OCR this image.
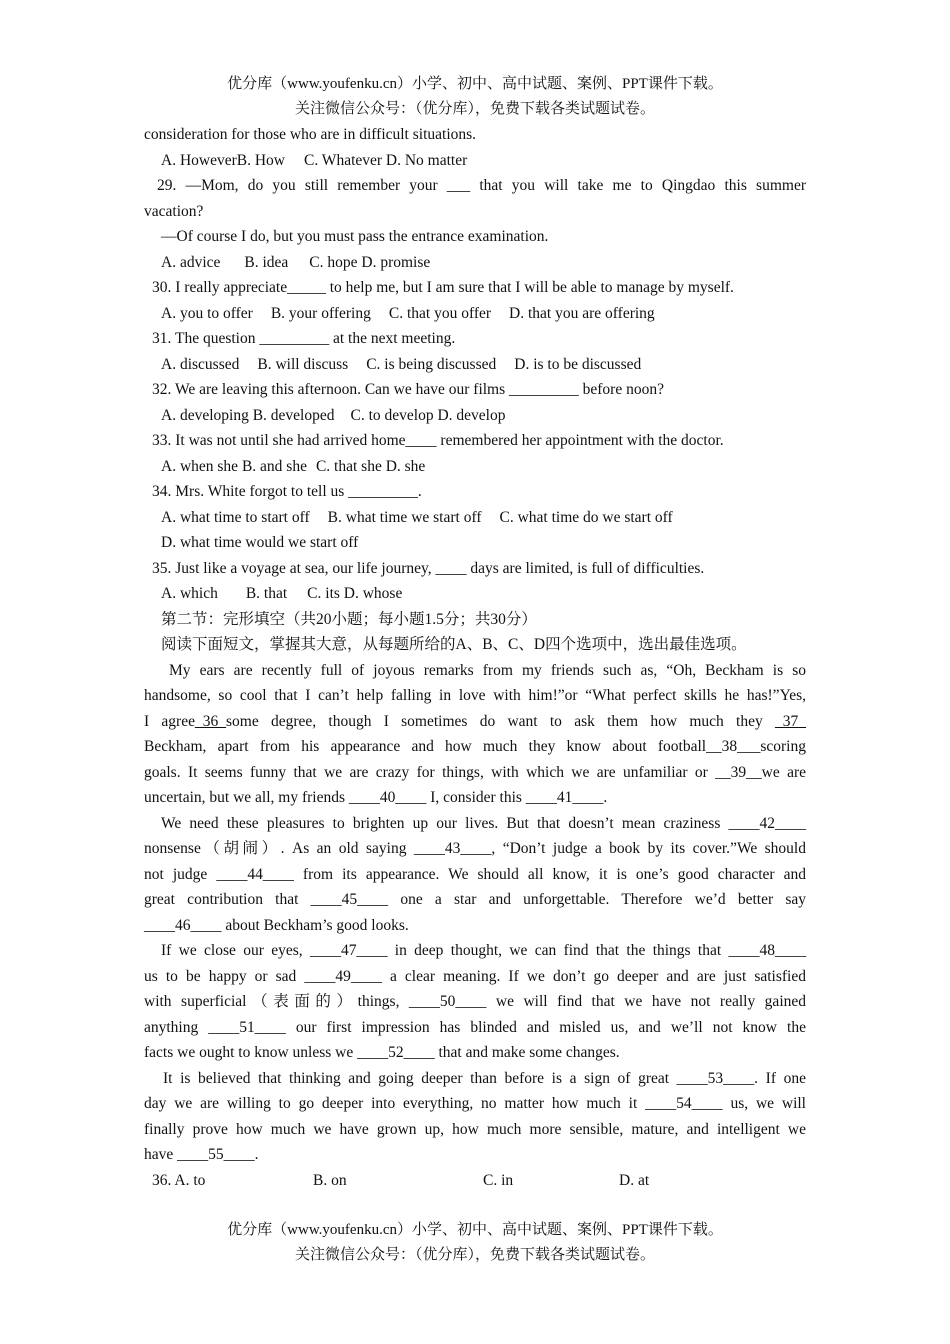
优分库（www.youfenku.cn）小学、初中、高中试题、案例、PPT课件下载。
关注微信公众号：（优分库），免费下载各类试题试卷。
consideration for those who are in difficult situations.
A. HoweverB. How C. Whatever D. No matter
29. —Mom, do you still remember your ___ that you will take me to Qingdao this summer
vacation?
—Of course I do, but you must pass the entrance examination.
A. advice B. idea C. hope D. promise
30. I really appreciate_____ to help me, but I am sure that I will be able to manage by myself.
A. you to offer B. your offering C. that you offer D. that you are offering
31. The question _________ at the next meeting.
A. discussed B. will discuss C. is being discussed D. is to be discussed
32. We are leaving this afternoon. Can we have our films _________ before noon?
A. developing B. developed C. to develop D. develop
33. It was not until she had arrived home____ remembered her appointment with the doctor.
A. when she B. and she C. that she D. she
34. Mrs. White forgot to tell us _________.
A. what time to start off B. what time we start off C. what time do we start off
D. what time would we start off
35. Just like a voyage at sea, our life journey, ____ days are limited, is full of difficulties.
A. which B. that C. its D. whose
第二节：完形填空（共20小题；每小题1.5分；共30分）
阅读下面短文，掌握其大意，从每题所给的A、B、C、D四个选项中，选出最佳选项。
My ears are recently full of joyous remarks from my friends such as, “Oh, Beckham is so
handsome, so cool that I can’t help falling in love with him!”or “What perfect skills he has!”Yes,
I agree_36_some degree, though I sometimes do want to ask them how much they _37_
Beckham, apart from his appearance and how much they know about football__38___scoring
goals. It seems funny that we are crazy for things, with which we are unfamiliar or __39__we are
uncertain, but we all, my friends ____40____ I, consider this ____41____.
We need these pleasures to brighten up our lives. But that doesn’t mean craziness ____42____
nonsense（胡闹）. As an old saying ____43____, “Don’t judge a book by its cover.”We should
not judge ____44____ from its appearance. We should all know, it is one’s good character and
great contribution that ____45____ one a star and unforgettable. Therefore we’d better say
____46____ about Beckham’s good looks.
If we close our eyes, ____47____ in deep thought, we can find that the things that ____48____
us to be happy or sad ____49____ a clear meaning. If we don’t go deeper and are just satisfied
with superficial（表面的）things, ____50____ we will find that we have not really gained
anything ____51____ our first impression has blinded and misled us, and we’ll not know the
facts we ought to know unless we ____52____ that and make some changes.
It is believed that thinking and going deeper than before is a sign of great ____53____. If one
day we are willing to go deeper into everything, no matter how much it ____54____ us, we will
finally prove how much we have grown up, how much more sensible, mature, and intelligent we
have ____55____.
36. A. to	B. on	C. in	D. at
优分库（www.youfenku.cn）小学、初中、高中试题、案例、PPT课件下载。
关注微信公众号：（优分库），免费下载各类试题试卷。
